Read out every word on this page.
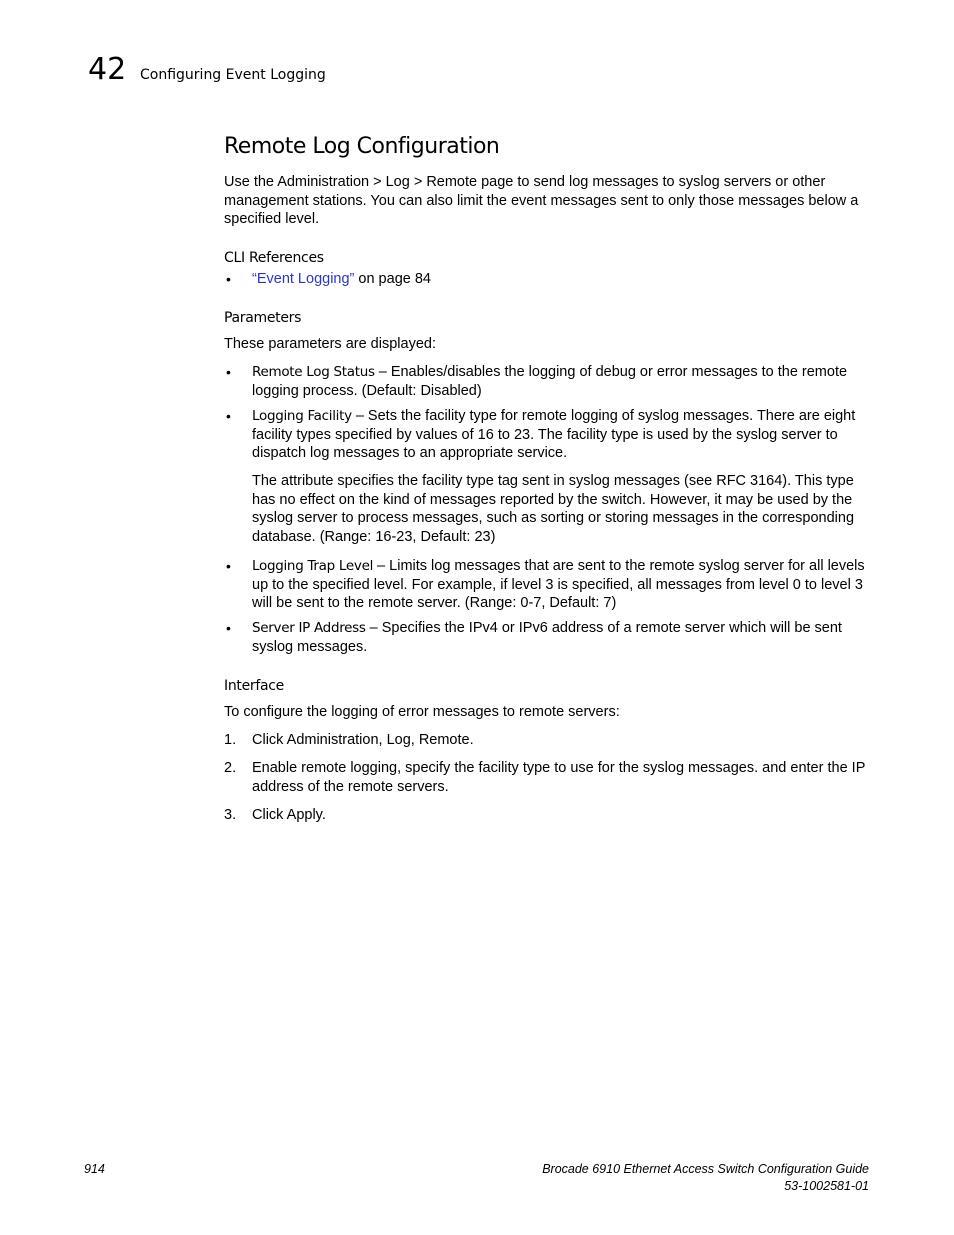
42 Configuring Event Logging
Remote Log Configuration

Use the Administration > Log > Remote page to send log messages to syslog servers or other management stations. You can also limit the event messages sent to only those messages below a specified level.

CLI References
• “Event Logging” on page 84

Parameters

These parameters are displayed:

• Remote Log Status – Enables/disables the logging of debug or error messages to the remote logging process. (Default: Disabled)

• Logging Facility – Sets the facility type for remote logging of syslog messages. There are eight facility types specified by values of 16 to 23. The facility type is used by the syslog server to dispatch log messages to an appropriate service.

The attribute specifies the facility type tag sent in syslog messages (see RFC 3164). This type has no effect on the kind of messages reported by the switch. However, it may be used by the syslog server to process messages, such as sorting or storing messages in the corresponding database. (Range: 16-23, Default: 23)

• Logging Trap Level – Limits log messages that are sent to the remote syslog server for all levels up to the specified level. For example, if level 3 is specified, all messages from level 0 to level 3 will be sent to the remote server. (Range: 0-7, Default: 7)

• Server IP Address – Specifies the IPv4 or IPv6 address of a remote server which will be sent syslog messages.

Interface

To configure the logging of error messages to remote servers:

1. Click Administration, Log, Remote.

2. Enable remote logging, specify the facility type to use for the syslog messages. and enter the IP address of the remote servers.

3. Click Apply.

914	Brocade 6910 Ethernet Access Switch Configuration Guide
53-1002581-01
